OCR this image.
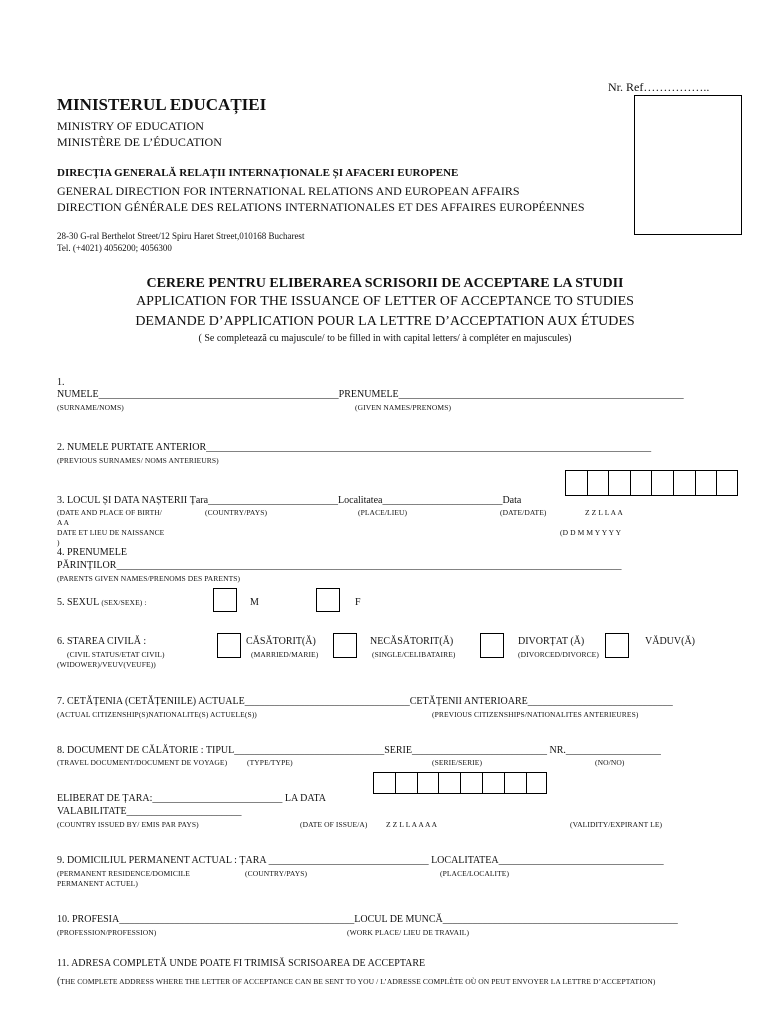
Nr. Ref……………..
MINISTERUL EDUCAȚIEI
MINISTRY OF EDUCATION
MINISTÈRE DE L’ÉDUCATION
DIRECȚIA GENERALĂ RELAȚII INTERNAȚIONALE ȘI AFACERI EUROPENE
GENERAL DIRECTION FOR INTERNATIONAL RELATIONS AND EUROPEAN AFFAIRS
DIRECTION GÉNÉRALE DES RELATIONS INTERNATIONALES ET DES AFFAIRES EUROPÉENNES
28-30 G-ral Berthelot Street/12 Spiru Haret Street,010168 Bucharest
Tel. (+4021) 4056200; 4056300
CERERE PENTRU ELIBERAREA SCRISORII DE ACCEPTARE LA STUDII
APPLICATION FOR THE ISSUANCE OF LETTER OF ACCEPTANCE TO STUDIES
DEMANDE D’APPLICATION POUR LA LETTRE D’ACCEPTATION AUX ÉTUDES
( Se completează cu majuscule/ to be filled in with capital letters/ à compléter en majuscules)
1.
NUMELE________________________________________________PRENUMELE_________________________________________________________
(SURNAME/NOMS)	(GIVEN NAMES/PRENOMS)
2. NUMELE PURTATE ANTERIOR_________________________________________________________________________________________
(PREVIOUS SURNAMES/ NOMS ANTERIEURS)
3. LOCUL ȘI DATA NAȘTERII Țara__________________________Localitatea________________________Data
(DATE AND PLACE OF BIRTH/	(COUNTRY/PAYS)	(PLACE/LIEU)	(DATE/DATE)	Z Z L L A A
A A
DATE ET LIEU DE NAISSANCE	(D D M M Y Y Y Y
)
4. PRENUMELE
PĂRINȚILOR_____________________________________________________________________________________________________
(PARENTS GIVEN NAMES/PRENOMS DES PARENTS)
5. SEXUL (SEX/SEXE) :	M	F
6. STAREA CIVILĂ :	CĂSĂTORIT(Ă)	NECĂSĂTORIT(Ă)	DIVORȚAT (Ă)	VĂDUV(Ă)
(CIVIL STATUS/ETAT CIVIL)	(MARRIED/MARIE)	(SINGLE/CELIBATAIRE)	(DIVORCED/DIVORCE)
(WIDOWER)/VEUV(VEUFE))
7. CETĂȚENIA (CETĂȚENIILE) ACTUALE_________________________________CETĂȚENII ANTERIOARE_____________________________
(ACTUAL CITIZENSHIP(S)NATIONALITE(S) ACTUELE(S))	(PREVIOUS CITIZENSHIPS/NATIONALITES ANTERIEURES)
8. DOCUMENT DE CĂLĂTORIE : TIPUL______________________________SERIE___________________________ NR.___________________
(TRAVEL DOCUMENT/DOCUMENT DE VOYAGE)	(TYPE/TYPE)	(SERIE/SERIE)	(NO/NO)
ELIBERAT DE ȚARA:__________________________ LA DATA
VALABILITATE_______________________
(COUNTRY ISSUED BY/ EMIS PAR PAYS)	(DATE OF ISSUE/A) Z Z L L A A A A	(VALIDITY/EXPIRANT LE)
9. DOMICILIUL PERMANENT ACTUAL : ȚARA ________________________________ LOCALITATEA_________________________________
(PERMANENT RESIDENCE/DOMICILE	(COUNTRY/PAYS)	(PLACE/LOCALITE)
PERMANENT ACTUEL)
10. PROFESIA_______________________________________________LOCUL DE MUNCĂ_______________________________________________
(PROFESSION/PROFESSION)	(WORK PLACE/ LIEU DE TRAVAIL)
11. ADRESA COMPLETĂ UNDE POATE FI TRIMISĂ SCRISOAREA DE ACCEPTARE
(THE COMPLETE ADDRESS WHERE THE LETTER OF ACCEPTANCE CAN BE SENT TO YOU / L’ADRESSE COMPLÈTE OÙ ON PEUT ENVOYER LA LETTRE D’ACCEPTATION)
